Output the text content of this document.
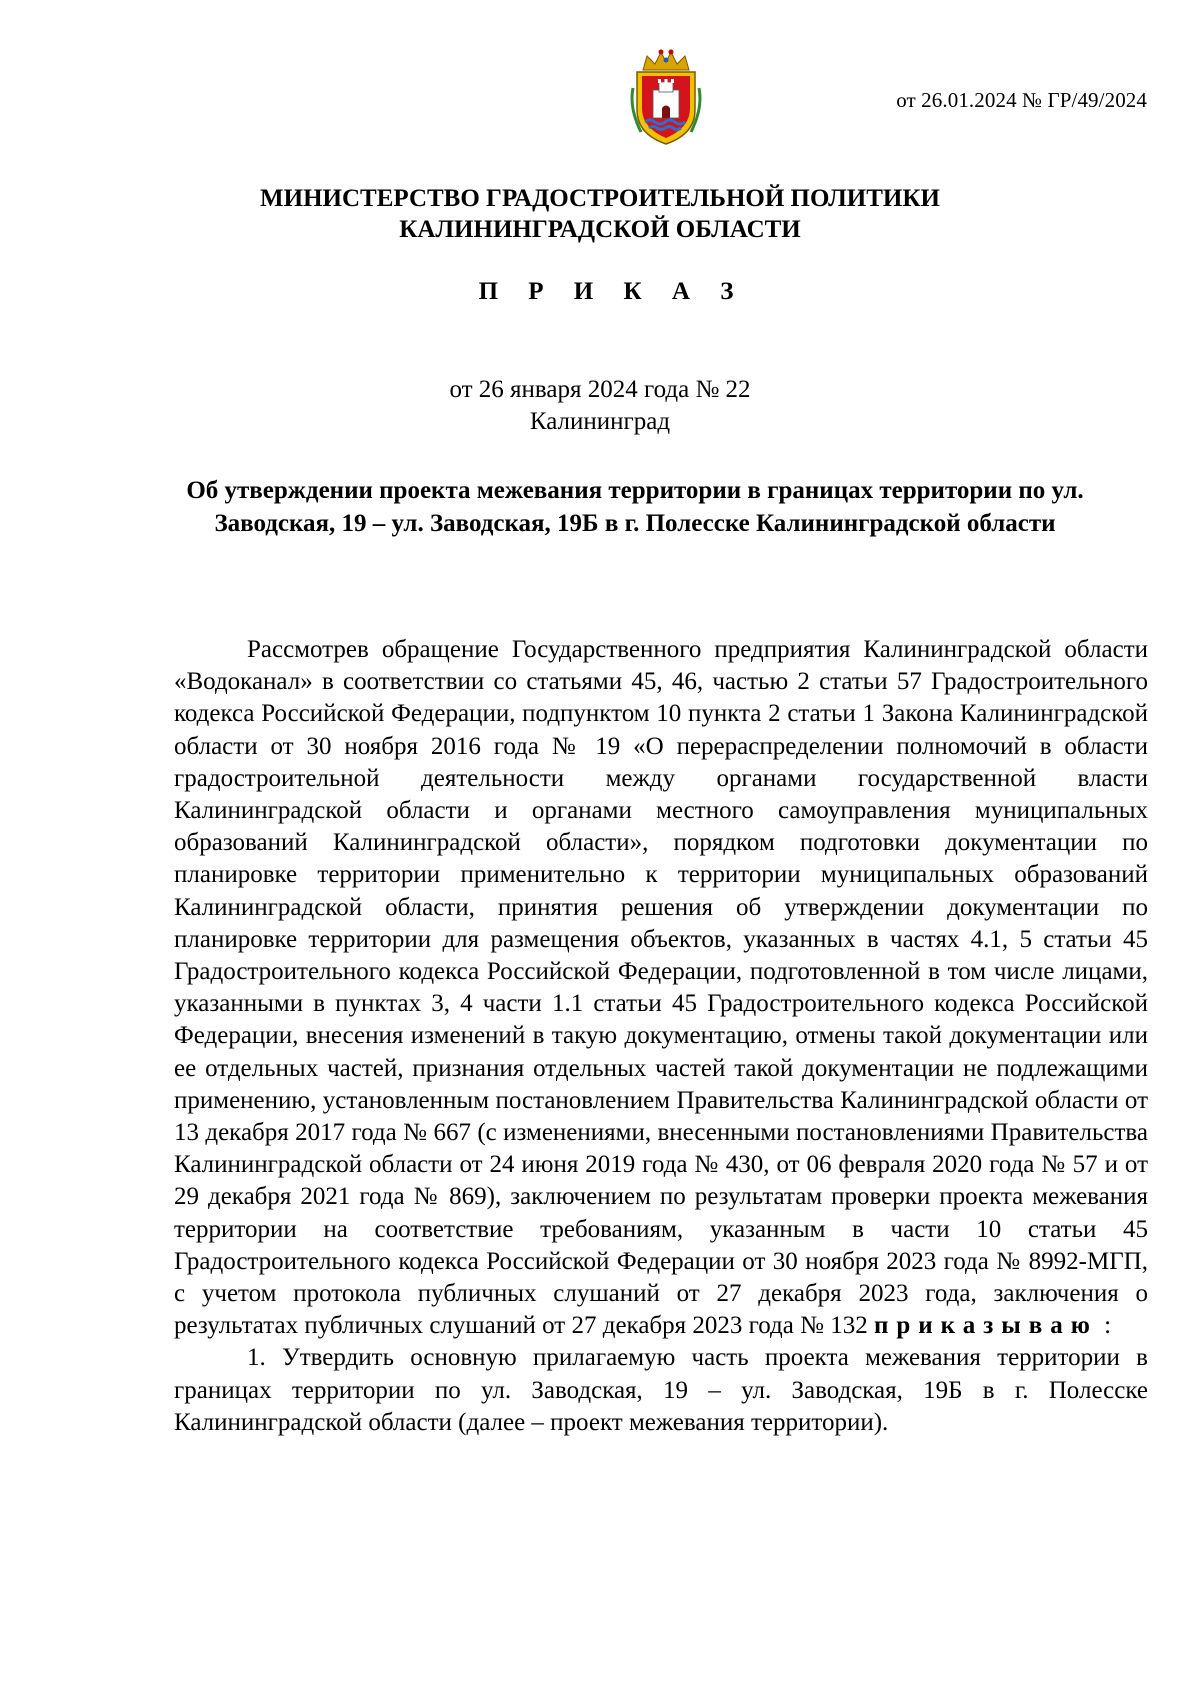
от 26.01.2024 № ГР/49/2024
МИНИСТЕРСТВО ГРАДОСТРОИТЕЛЬНОЙ ПОЛИТИКИ
КАЛИНИНГРАДСКОЙ ОБЛАСТИ
П Р И К А З
от 26 января 2024 года № 22
Калининград
Об утверждении проекта межевания территории в границах территории по ул. Заводская, 19 – ул. Заводская, 19Б в г. Полесске Калининградской области

Рассмотрев обращение Государственного предприятия Калининградской области «Водоканал» в соответствии со статьями 45, 46, частью 2 статьи 57 Градостроительного кодекса Российской Федерации, подпунктом 10 пункта 2 статьи 1 Закона Калининградской области от 30 ноября 2016 года № 19 «О перераспределении полномочий в области градостроительной деятельности между органами государственной власти Калининградской области и органами местного самоуправления муниципальных образований Калининградской области», порядком подготовки документации по планировке территории применительно к территории муниципальных образований Калининградской области, принятия решения об утверждении документации по планировке территории для размещения объектов, указанных в частях 4.1, 5 статьи 45 Градостроительного кодекса Российской Федерации, подготовленной в том числе лицами, указанными в пунктах 3, 4 части 1.1 статьи 45 Градостроительного кодекса Российской Федерации, внесения изменений в такую документацию, отмены такой документации или ее отдельных частей, признания отдельных частей такой документации не подлежащими применению, установленным постановлением Правительства Калининградской области от 13 декабря 2017 года № 667 (с изменениями, внесенными постановлениями Правительства Калининградской области от 24 июня 2019 года № 430, от 06 февраля 2020 года № 57 и от 29 декабря 2021 года № 869), заключением по результатам проверки проекта межевания территории на соответствие требованиям, указанным в части 10 статьи 45 Градостроительного кодекса Российской Федерации от 30 ноября 2023 года № 8992-МГП, с учетом протокола публичных слушаний от 27 декабря 2023 года, заключения о результатах публичных слушаний от 27 декабря 2023 года № 132 приказываю :

1. Утвердить основную прилагаемую часть проекта межевания территории в границах территории по ул. Заводская, 19 – ул. Заводская, 19Б в г. Полесске Калининградской области (далее – проект межевания территории).
